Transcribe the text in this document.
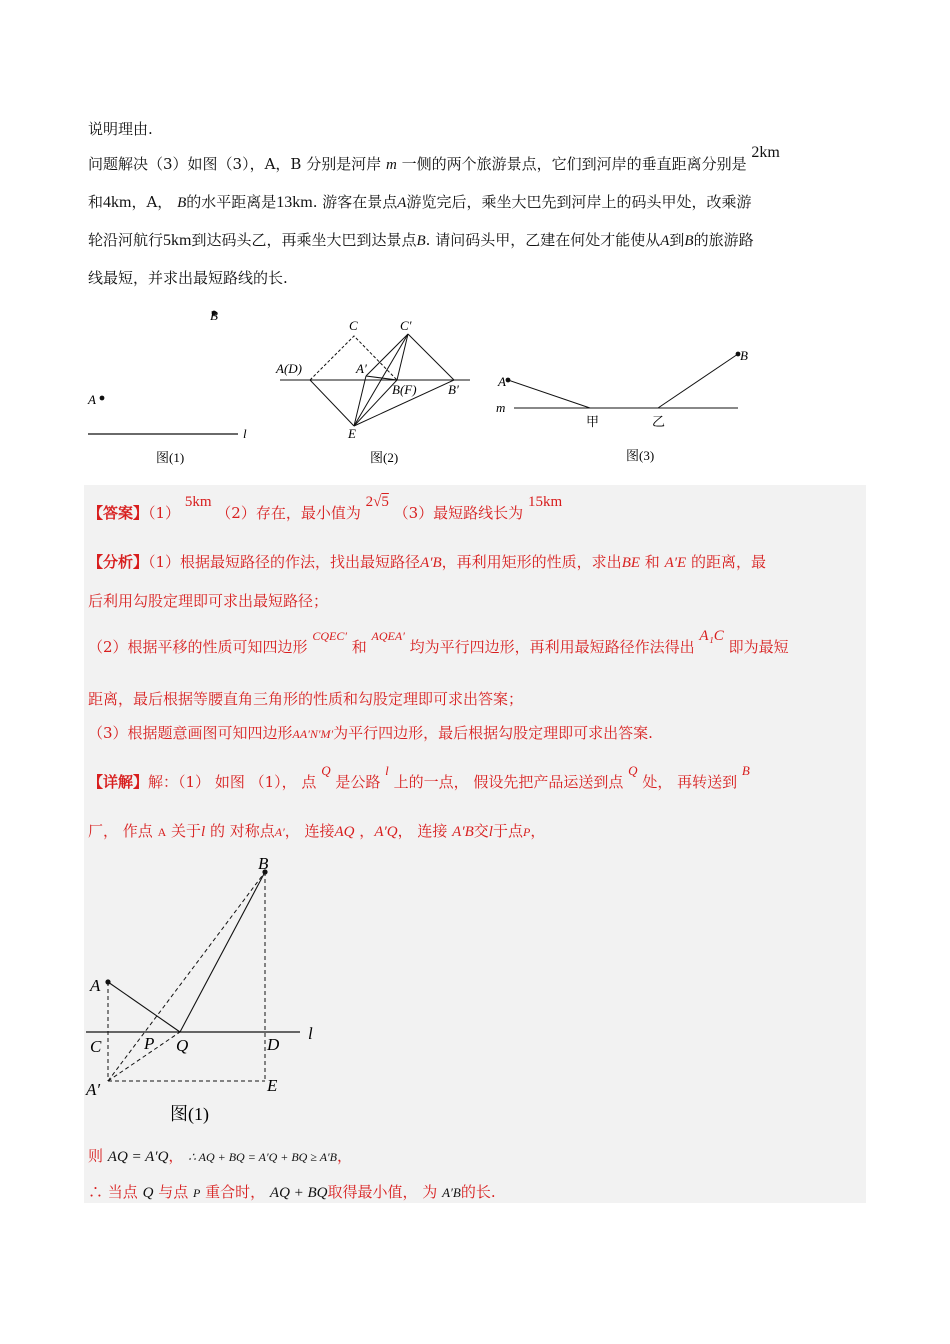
说明理由.
问题解决（3）如图（3），A，B 分别是河岸 m 一侧的两个旅游景点，它们到河岸的垂直距离分别是 2km
和4km，A， B的水平距离是13km. 游客在景点A游览完后，乘坐大巴先到河岸上的码头甲处，改乘游
轮沿河航行5km到达码头乙，再乘坐大巴到达景点B. 请问码头甲，乙建在何处才能使从A到B的旅游路
线最短，并求出最短路线的长.
B
A
l
图(1)
C	C′
A(D)	A′
B(F) B′
E
图(2)
A
B
m
甲	乙
图(3)
【答案】（1） 5km （2）存在，最小值为 2√5 （3）最短路线长为 15km
【分析】（1）根据最短路径的作法，找出最短路径A′B，再利用矩形的性质，求出BE 和 A′E 的距离，最
后利用勾股定理即可求出最短路径；
（2）根据平移的性质可知四边形 $^{CQEC'}$ 和 $^{AQEA'}$ 均为平行四边形，再利用最短路径作法得出 A₁C 即为最短
距离，最后根据等腰直角三角形的性质和勾股定理即可求出答案；
（3）根据题意画图可知四边形AA′N′M′为平行四边形，最后根据勾股定理即可求出答案.
【详解】解：（1） 如图 （1）， 点 Q 是公路 l 上的一点， 假设先把产品运送到点 Q 处， 再转送到 B
厂， 作点 A 关于l 的 对称点A′， 连接AQ ，A′Q， 连接 A′B交l于点P，
B
A
C	P Q	D
l
A′	E
图(1)
则 AQ = A′Q， ∴ AQ + BQ = A′Q + BQ ≥ A′B，
∴ 当点 Q 与点 P 重合时， AQ + BQ取得最小值， 为 A′B的长.
